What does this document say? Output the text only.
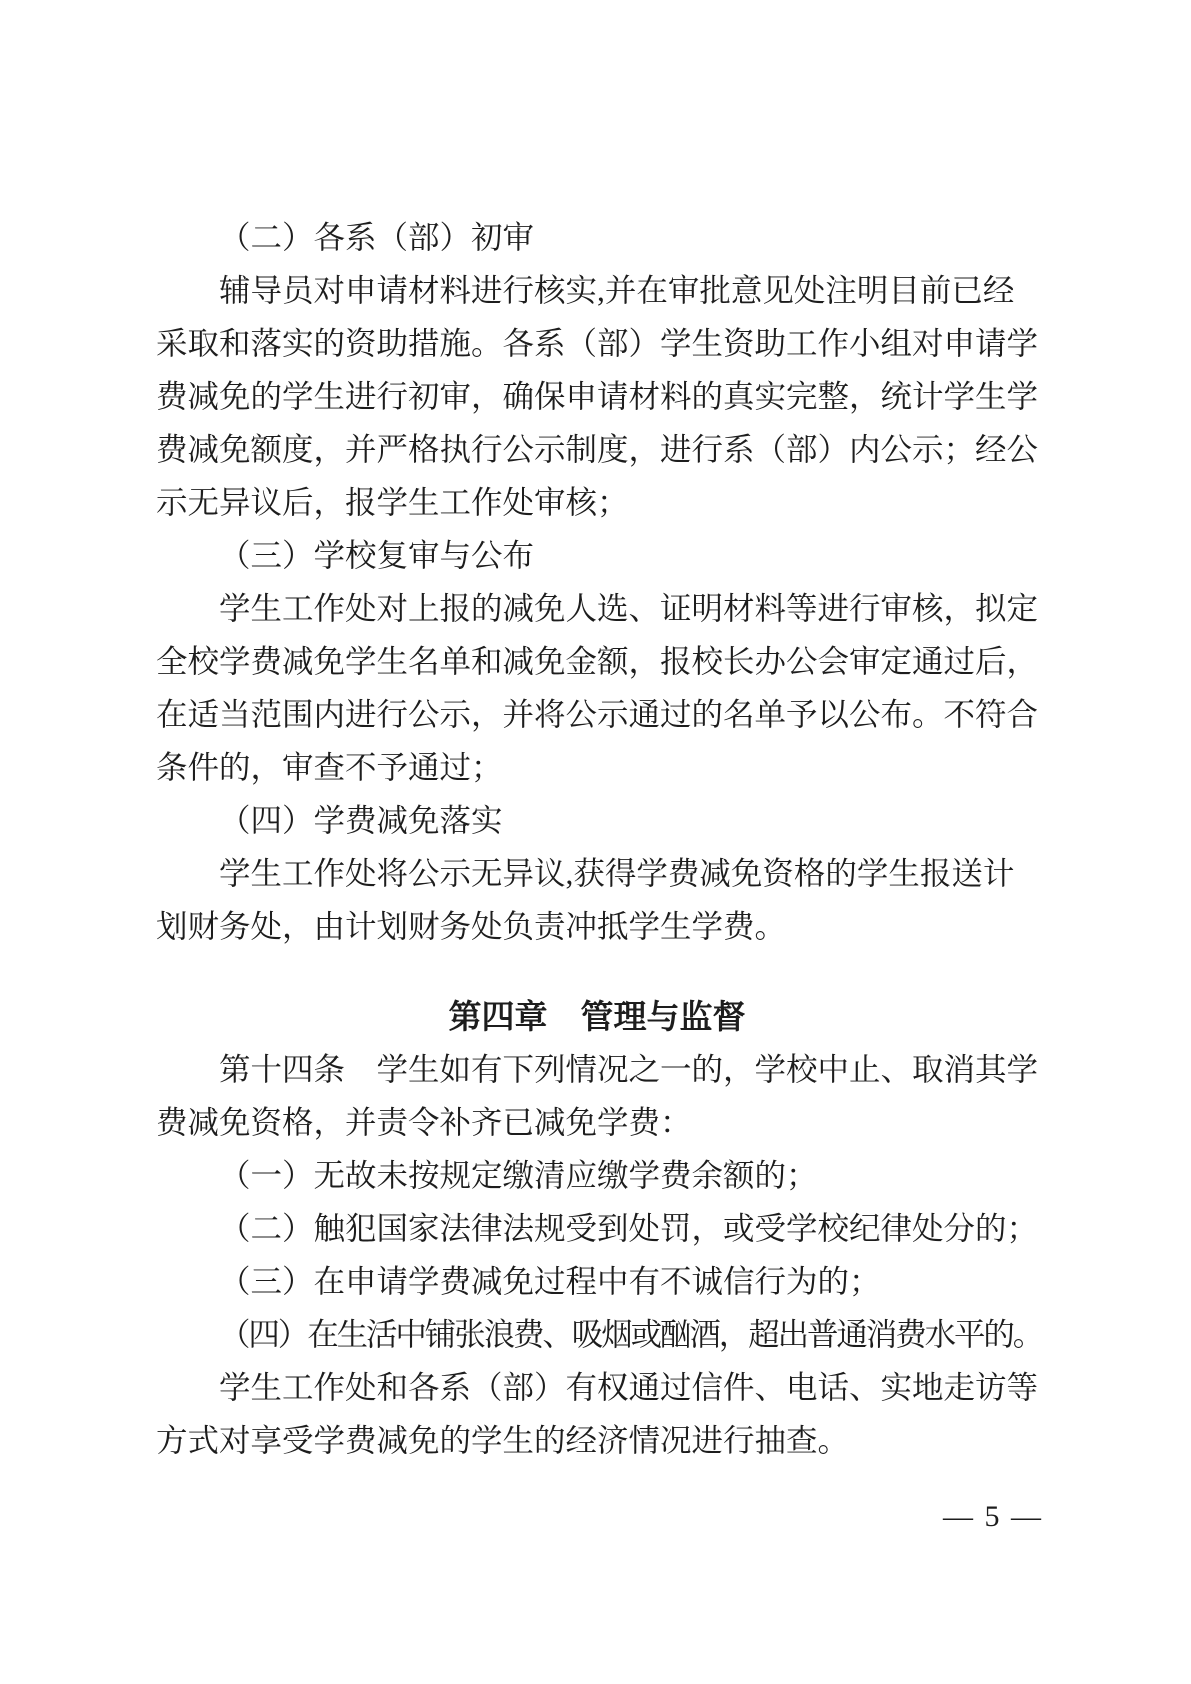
（二）各系（部）初审
辅导员对申请材料进行核实,并在审批意见处注明目前已经
采取和落实的资助措施。各系（部）学生资助工作小组对申请学
费减免的学生进行初审，确保申请材料的真实完整，统计学生学
费减免额度，并严格执行公示制度，进行系（部）内公示；经公
示无异议后，报学生工作处审核；
（三）学校复审与公布
学生工作处对上报的减免人选、证明材料等进行审核，拟定
全校学费减免学生名单和减免金额，报校长办公会审定通过后，
在适当范围内进行公示，并将公示通过的名单予以公布。不符合
条件的，审查不予通过；
（四）学费减免落实
学生工作处将公示无异议,获得学费减免资格的学生报送计
划财务处，由计划财务处负责冲抵学生学费。
第四章　管理与监督
第十四条　学生如有下列情况之一的，学校中止、取消其学
费减免资格，并责令补齐已减免学费：
（一）无故未按规定缴清应缴学费余额的；
（二）触犯国家法律法规受到处罚，或受学校纪律处分的；
（三）在申请学费减免过程中有不诚信行为的；
（四）在生活中铺张浪费、吸烟或酗酒，超出普通消费水平的。
学生工作处和各系（部）有权通过信件、电话、实地走访等
方式对享受学费减免的学生的经济情况进行抽查。
— 5 —
